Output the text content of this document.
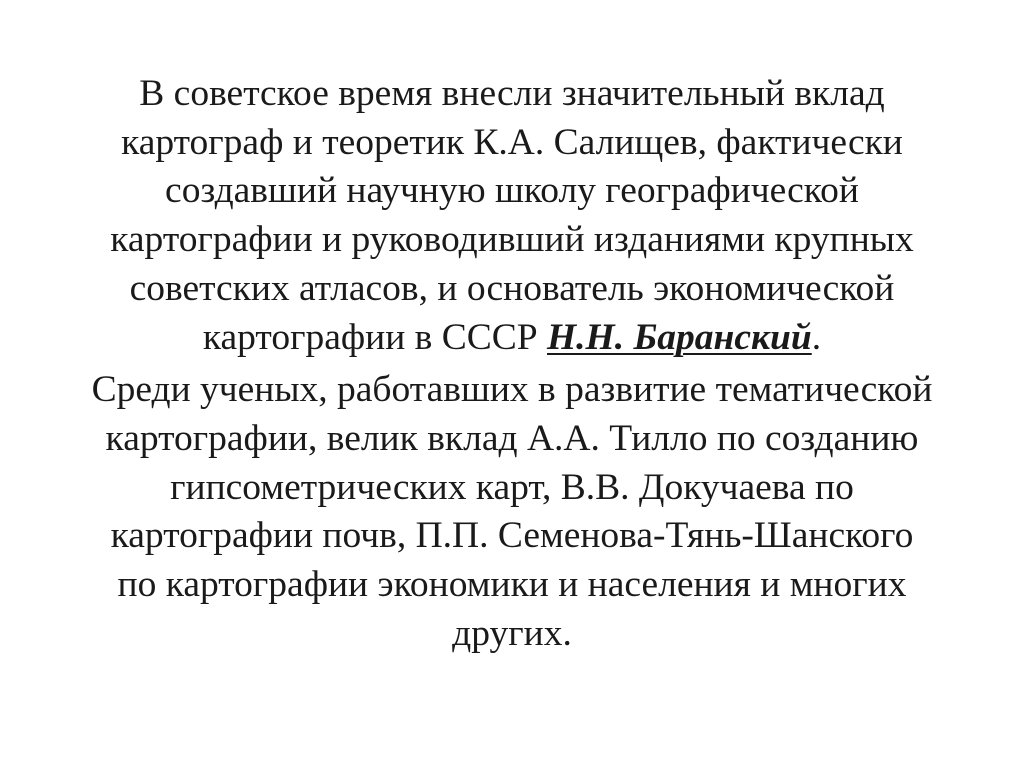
В советское время внесли значительный вклад
картограф и теоретик К.А. Салищев, фактически
создавший научную школу географической
картографии и руководивший изданиями крупных
советских атласов, и основатель экономической
картографии в СССР Н.Н. Баранский.
Среди ученых, работавших в развитие тематической
картографии, велик вклад А.А. Тилло по созданию
гипсометрических карт, В.В. Докучаева по
картографии почв, П.П. Семенова-Тянь-Шанского
по картографии экономики и населения и многих
других.
